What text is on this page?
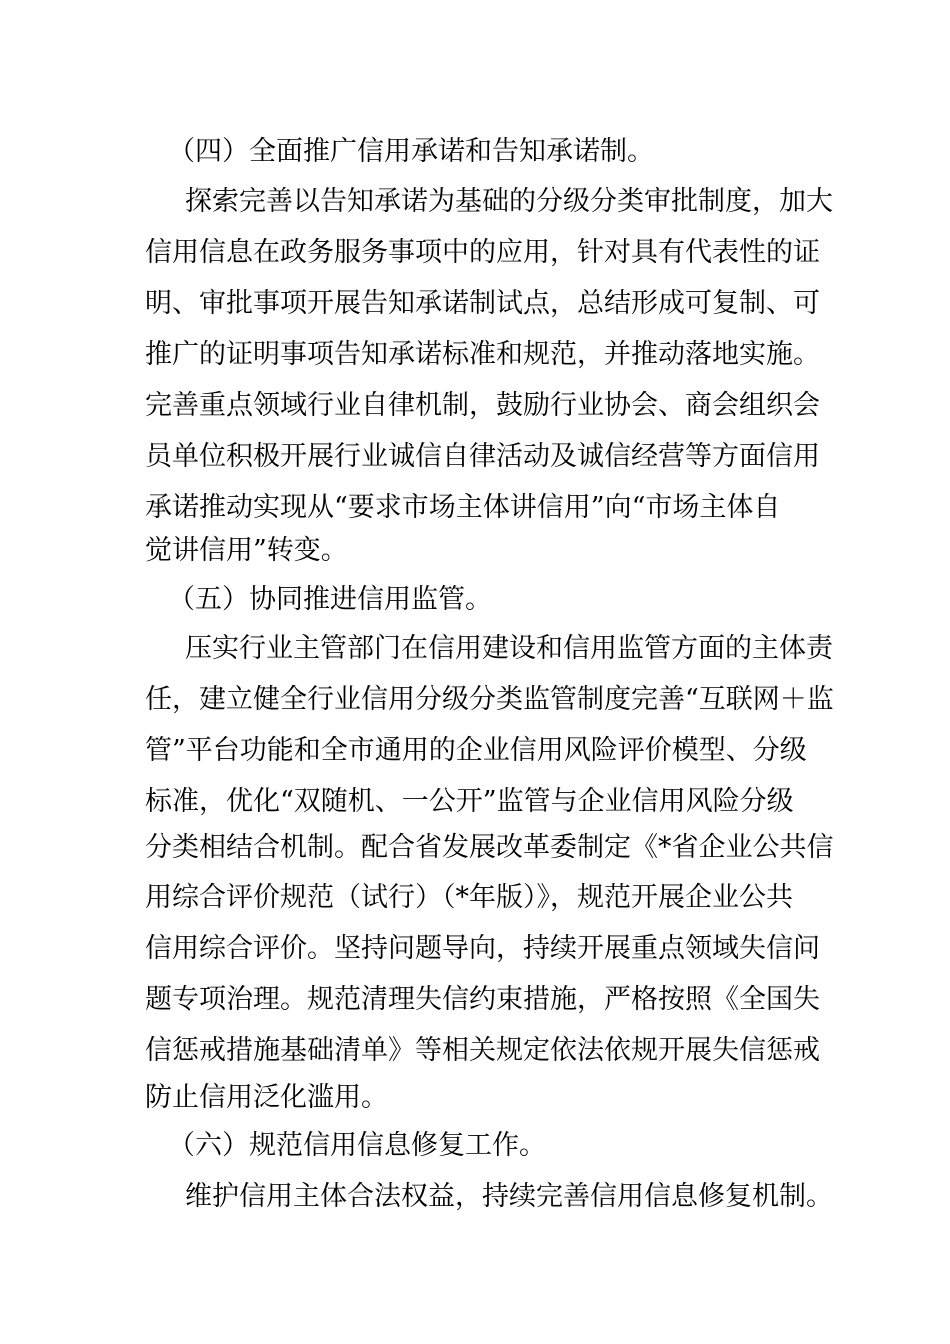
（四）全面推广信用承诺和告知承诺制。
探索完善以告知承诺为基础的分级分类审批制度，加大
信用信息在政务服务事项中的应用，针对具有代表性的证
明、审批事项开展告知承诺制试点，总结形成可复制、可
推广的证明事项告知承诺标准和规范，并推动落地实施。
完善重点领域行业自律机制，鼓励行业协会、商会组织会
员单位积极开展行业诚信自律活动及诚信经营等方面信用
承诺推动实现从“要求市场主体讲信用”向“市场主体自
觉讲信用”转变。
（五）协同推进信用监管。
压实行业主管部门在信用建设和信用监管方面的主体责
任，建立健全行业信用分级分类监管制度完善“互联网＋监
管”平台功能和全市通用的企业信用风险评价模型、分级
标准，优化“双随机、一公开”监管与企业信用风险分级
分类相结合机制。配合省发展改革委制定《*省企业公共信
用综合评价规范（试行）（*年版）》，规范开展企业公共
信用综合评价。坚持问题导向，持续开展重点领域失信问
题专项治理。规范清理失信约束措施，严格按照《全国失
信惩戒措施基础清单》等相关规定依法依规开展失信惩戒
防止信用泛化滥用。
（六）规范信用信息修复工作。
维护信用主体合法权益，持续完善信用信息修复机制。
